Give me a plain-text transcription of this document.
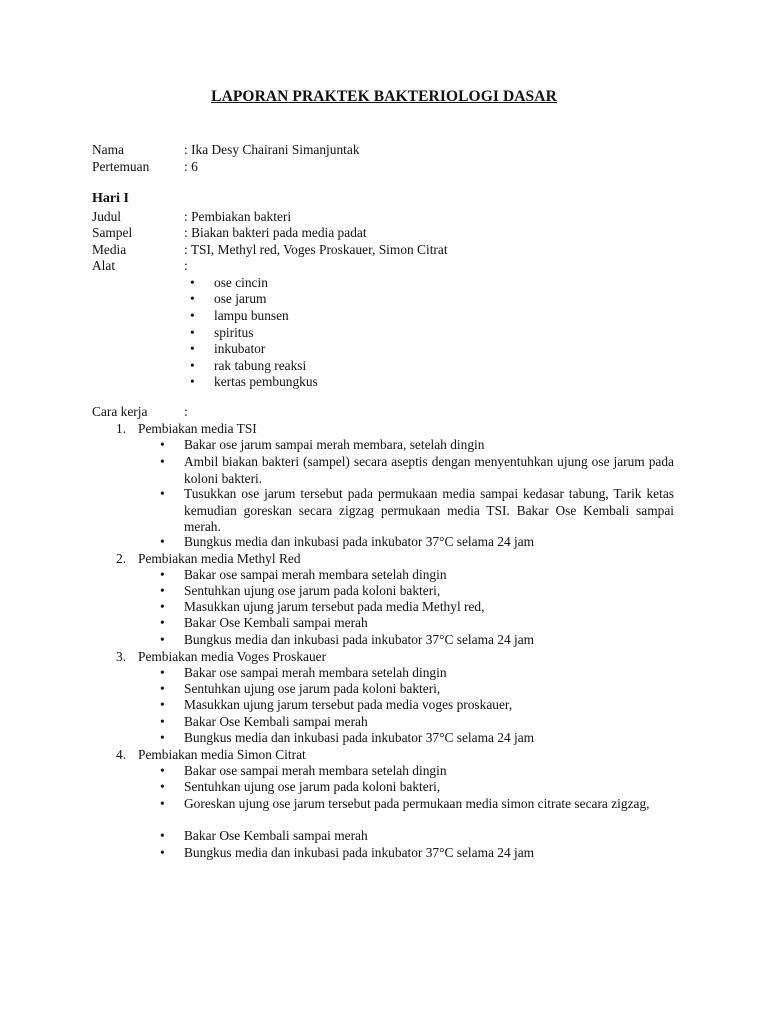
LAPORAN PRAKTEK BAKTERIOLOGI DASAR
Nama	: Ika Desy Chairani Simanjuntak
Pertemuan	: 6
Hari I
Judul	: Pembiakan bakteri
Sampel	: Biakan bakteri pada media padat
Media	: TSI, Methyl red, Voges Proskauer, Simon Citrat
Alat	:
• ose cincin
• ose jarum
• lampu bunsen
• spiritus
• inkubator
• rak tabung reaksi
• kertas pembungkus
Cara kerja	:
1. Pembiakan media TSI
•	Bakar ose jarum sampai merah membara, setelah dingin
•	Ambil biakan bakteri (sampel) secara aseptis dengan menyentuhkan ujung ose jarum pada koloni bakteri.
•	Tusukkan ose jarum tersebut pada permukaan media sampai kedasar tabung, Tarik ketas kemudian goreskan secara zigzag permukaan media TSI. Bakar Ose Kembali sampai merah.
•	Bungkus media dan inkubasi pada inkubator 37°C selama 24 jam
2. Pembiakan media Methyl Red
•	Bakar ose sampai merah membara setelah dingin
•	Sentuhkan ujung ose jarum pada koloni bakteri,
•	Masukkan ujung jarum tersebut pada media Methyl red,
•	Bakar Ose Kembali sampai merah
•	Bungkus media dan inkubasi pada inkubator 37°C selama 24 jam
3. Pembiakan media Voges Proskauer
•	Bakar ose sampai merah membara setelah dingin
•	Sentuhkan ujung ose jarum pada koloni bakteri,
•	Masukkan ujung jarum tersebut pada media voges proskauer,
•	Bakar Ose Kembali sampai merah
•	Bungkus media dan inkubasi pada inkubator 37°C selama 24 jam
4. Pembiakan media Simon Citrat
•	Bakar ose sampai merah membara setelah dingin
•	Sentuhkan ujung ose jarum pada koloni bakteri,
•	Goreskan ujung ose jarum tersebut pada permukaan media simon citrate secara zigzag,
•	Bakar Ose Kembali sampai merah
•	Bungkus media dan inkubasi pada inkubator 37°C selama 24 jam
